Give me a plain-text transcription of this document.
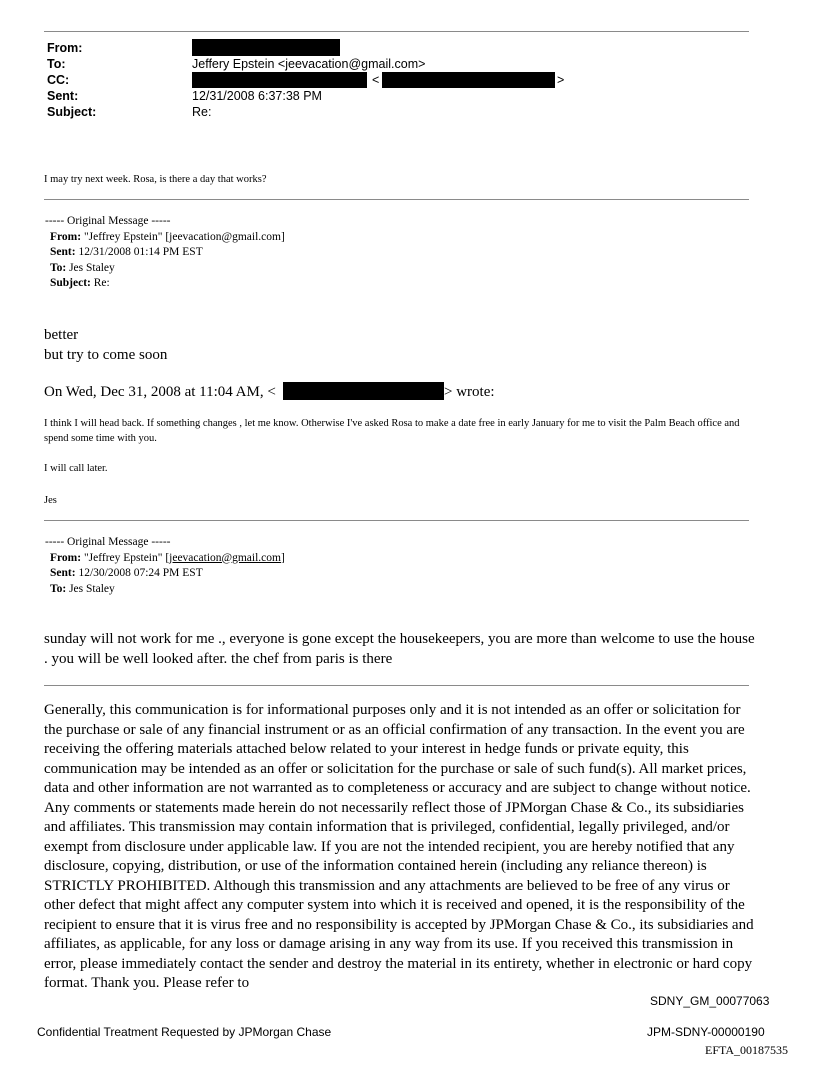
From:
To:	Jeffery Epstein <jeevacation@gmail.com>
CC:	<	>
Sent:	12/31/2008 6:37:38 PM
Subject:	Re:
I may try next week. Rosa, is there a day that works?
----- Original Message -----
From: "Jeffrey Epstein" [jeevacation@gmail.com]
Sent: 12/31/2008 01:14 PM EST
To: Jes Staley
Subject: Re:
better
but try to come soon
On Wed, Dec 31, 2008 at 11:04 AM, <	> wrote:
I think I will head back. If something changes , let me know. Otherwise I've asked Rosa to make a date free in early January for me to visit the Palm Beach office and spend some time with you.
I will call later.
Jes
----- Original Message -----
From: "Jeffrey Epstein" [jeevacation@gmail.com]
Sent: 12/30/2008 07:24 PM EST
To: Jes Staley
sunday will not work for me ., everyone is gone except the housekeepers, you are more than welcome to use the house . you will be well looked after. the chef from paris is there
Generally, this communication is for informational purposes only and it is not intended as an offer or solicitation for the purchase or sale of any financial instrument or as an official confirmation of any transaction. In the event you are receiving the offering materials attached below related to your interest in hedge funds or private equity, this communication may be intended as an offer or solicitation for the purchase or sale of such fund(s). All market prices, data and other information are not warranted as to completeness or accuracy and are subject to change without notice. Any comments or statements made herein do not necessarily reflect those of JPMorgan Chase & Co., its subsidiaries and affiliates. This transmission may contain information that is privileged, confidential, legally privileged, and/or exempt from disclosure under applicable law. If you are not the intended recipient, you are hereby notified that any disclosure, copying, distribution, or use of the information contained herein (including any reliance thereon) is STRICTLY PROHIBITED. Although this transmission and any attachments are believed to be free of any virus or other defect that might affect any computer system into which it is received and opened, it is the responsibility of the recipient to ensure that it is virus free and no responsibility is accepted by JPMorgan Chase & Co., its subsidiaries and affiliates, as applicable, for any loss or damage arising in any way from its use. If you received this transmission in error, please immediately contact the sender and destroy the material in its entirety, whether in electronic or hard copy format. Thank you. Please refer to
SDNY_GM_00077063
Confidential Treatment Requested by JPMorgan Chase	JPM-SDNY-00000190
EFTA_00187535
